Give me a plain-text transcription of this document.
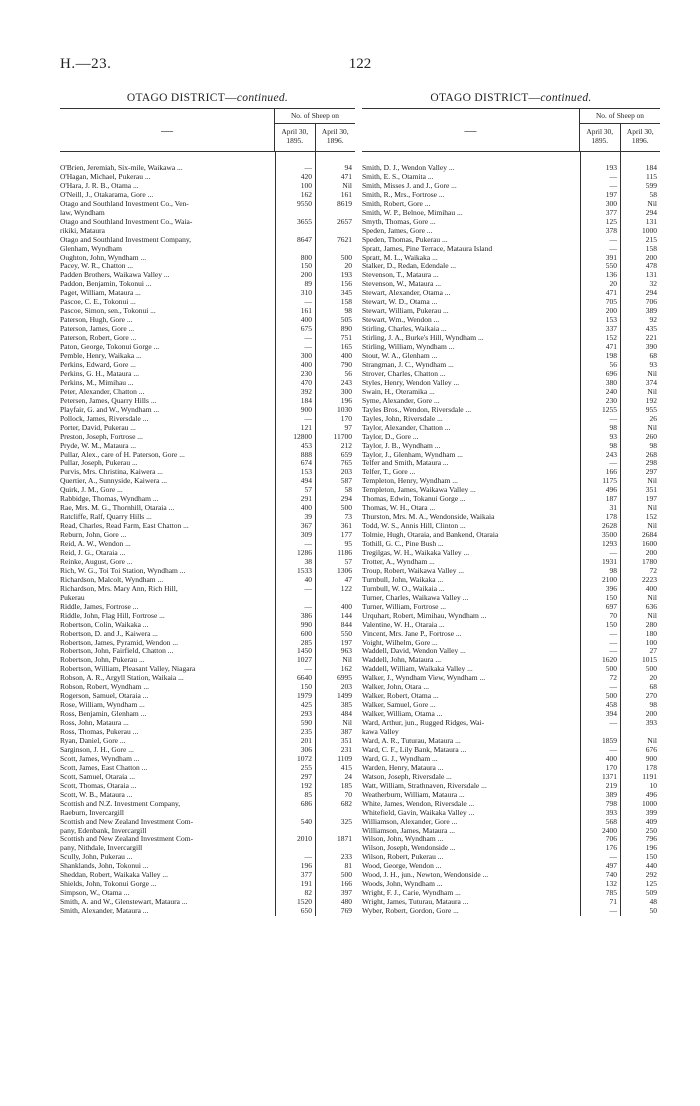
H.—23.	122
OTAGO DISTRICT—continued.
—
No. of Sheep on
April 30, 1895.
April 30, 1896.
O'Brien, Jeremiah, Six-mile, Waikawa ...	—	94
O'Hagan, Michael, Pukerau ...	420	471
O'Hara, J. R. B., Otama ...	100	Nil
O'Neill, J., Otakarama, Gore ...	162	161
Otago and Southland Investment Co., Ven-	9550	8619
law, Wyndham
Otago and Southland Investment Co., Waia-	3655	2657
rikiki, Mataura
Otago and Southland Investment Company,	8647	7621
Glenham, Wyndham
Oughton, John, Wyndham ...	800	500
Pacey, W. R., Chatton ...	150	20
Padden Brothers, Waikawa Valley ...	200	193
Paddon, Benjamin, Tokonui ...	89	156
Paget, William, Mataura ...	310	345
Pascoe, C. E., Tokonui ...	—	158
Pascoe, Simon, sen., Tokonui ...	161	98
Paterson, Hugh, Gore ...	400	505
Paterson, James, Gore ...	675	890
Paterson, Robert, Gore ...	—	751
Paton, George, Tokonui Gorge ...	—	165
Pemble, Henry, Waikaka ...	300	400
Perkins, Edward, Gore ...	400	790
Perkins, G. H., Mataura ...	230	56
Perkins, M., Mimihau ...	470	243
Peter, Alexander, Chatton ...	392	300
Petersen, James, Quarry Hills ...	184	196
Playfair, G. and W., Wyndham ...	900	1030
Pollock, James, Riversdale ...	—	170
Porter, David, Pukerau ...	121	97
Preston, Joseph, Fortrose ...	12800	11700
Pryde, W. M., Mataura ...	453	212
Pullar, Alex., care of H. Paterson, Gore ...	888	659
Pullar, Joseph, Pukerau ...	674	765
Purvis, Mrs. Christina, Kaiwera ...	153	203
Quertier, A., Sunnyside, Kaiwera ...	494	587
Quirk, J. M., Gore ...	57	58
Rabbidge, Thomas, Wyndham ...	291	294
Rae, Mrs. M. G., Thornhill, Otaraia ...	400	500
Ratcliffe, Ralf, Quarry Hills ...	39	73
Read, Charles, Read Farm, East Chatton ...	367	361
Reburn, John, Gore ...	309	177
Reid, A. W., Wendon ...	—	95
Reid, J. G., Otaraia ...	1286	1186
Reinke, August, Gore ...	38	57
Rich, W. G., Toi Toi Station, Wyndham ...	1533	1306
Richardson, Malcolt, Wyndham ...	40	47
Richardson, Mrs. Mary Ann, Rich Hill,	—	122
Pukerau
Riddle, James, Fortrose ...	—	400
Riddle, John, Flag Hill, Fortrose ...	386	144
Robertson, Colin, Waikaka ...	990	844
Robertson, D. and J., Kaiwera ...	600	550
Robertson, James, Pyramid, Wendon ...	285	197
Robertson, John, Fairfield, Chatton ...	1450	963
Robertson, John, Pukerau ...	1027	Nil
Robertson, William, Pleasant Valley, Niagara	—	162
Robson, A. R., Argyll Station, Waikaia ...	6640	6995
Robson, Robert, Wyndham ...	150	203
Rogerson, Samuel, Otaraia ...	1979	1499
Rose, William, Wyndham ...	425	385
Ross, Benjamin, Glenham ...	293	484
Ross, John, Mataura ...	590	Nil
Ross, Thomas, Pukerau ...	235	387
Ryan, Daniel, Gore ...	201	351
Sarginson, J. H., Gore ...	306	231
Scott, James, Wyndham ...	1072	1109
Scott, James, East Chatton ...	255	415
Scott, Samuel, Otaraia ...	297	24
Scott, Thomas, Otaraia ...	192	185
Scott, W. B., Mataura ...	85	70
Scottish and N.Z. Investment Company,	686	682
Raeburn, Invercargill
Scottish and New Zealand Investment Com-	540	325
pany, Edenbank, Invercargill
Scottish and New Zealand Investment Com-	2010	1871
pany, Nithdale, Invercargill
Scully, John, Pukerau ...	—	233
Shanklands, John, Tokonui ...	196	81
Sheddan, Robert, Waikaka Valley ...	377	500
Shields, John, Tokonui Gorge ...	191	166
Simpson, W., Otama ...	82	397
Smith, A. and W., Glenstewart, Mataura ...	1520	480
Smith, Alexander, Mataura ...	650	769
OTAGO DISTRICT—continued.
—
No. of Sheep on
April 30, 1895.
April 30, 1896.
Smith, D. J., Wendon Valley ...	193	184
Smith, E. S., Otamita ...	—	115
Smith, Misses J. and J., Gore ...	—	599
Smith, R., Mrs., Fortrose ...	197	58
Smith, Robert, Gore ...	300	Nil
Smith, W. P., Belnoe, Mimihau ...	377	294
Smyth, Thomas, Gore ...	125	131
Speden, James, Gore ...	378	1000
Speden, Thomas, Pukerau ...	—	215
Spratt, James, Pine Terrace, Mataura Island	—	158
Spratt, M. L., Waikaka ...	391	200
Stalker, D., Redan, Edendale ...	550	478
Stevenson, T., Mataura ...	136	131
Stevenson, W., Mataura ...	20	32
Stewart, Alexander, Otama ...	471	294
Stewart, W. D., Otama ...	705	706
Stewart, William, Pukerau ...	200	389
Stewart, Wm., Wendon ...	153	92
Stirling, Charles, Waikaia ...	337	435
Stirling, J. A., Burke's Hill, Wyndham ...	152	221
Stirling, William, Wyndham ...	471	390
Stout, W. A., Glenham ...	198	68
Strangman, J. C., Wyndham ...	56	93
Strover, Charles, Chatton ...	696	Nil
Styles, Henry, Wendon Valley ...	380	374
Swain, H., Oteramika ...	240	Nil
Syme, Alexander, Gore ...	230	192
Tayles Bros., Wendon, Riversdale ...	1255	955
Tayles, John, Riversdale ...	—	26
Taylor, Alexander, Chatton ...	98	Nil
Taylor, D., Gore ...	93	260
Taylor, J. B., Wyndham ...	98	98
Taylor, J., Glenham, Wyndham ...	243	268
Telfer and Smith, Mataura ...	—	298
Telfer, T., Gore ...	166	297
Templeton, Henry, Wyndham ...	1175	Nil
Templeton, James, Waikawa Valley ...	496	351
Thomas, Edwin, Tokanui Gorge ...	187	197
Thomas, W. H., Otara ...	31	Nil
Thurston, Mrs. M. A., Wendonside, Waikaia	178	152
Todd, W. S., Annis Hill, Clinton ...	2628	Nil
Tolmie, Hugh, Otaraia, and Bankend, Otaraia	3500	2684
Tothill, G. C., Pine Bush ...	1293	1600
Tregilgas, W. H., Waikaka Valley ...	—	200
Trotter, A., Wyndham ...	1931	1780
Troup, Robert, Waikawa Valley ...	98	72
Turnbull, John, Waikaka ...	2100	2223
Turnbull, W. O., Waikaia ...	396	400
Turner, Charles, Waikawa Valley ...	150	Nil
Turner, William, Fortrose ...	697	636
Urquhart, Robert, Mimihau, Wyndham ...	70	Nil
Valentine, W. H., Otaraia ...	150	280
Vincent, Mrs. Jane P., Fortrose ...	—	180
Voight, Wilhelm, Gore ...	—	100
Waddell, David, Wendon Valley ...	—	27
Waddell, John, Mataura ...	1620	1015
Waddell, William, Waikaka Valley ...	500	500
Walker, J., Wyndham View, Wyndham ...	72	20
Walker, John, Otara ...	—	68
Walker, Robert, Otama ...	500	270
Walker, Samuel, Gore ...	458	98
Walker, William, Otama ...	394	200
Ward, Arthur, jun., Rugged Ridges, Wai-	—	393
kawa Valley
Ward, A. R., Tuturau, Mataura ...	1859	Nil
Ward, C. F., Lily Bank, Mataura ...	—	676
Ward, G. J., Wyndham ...	400	900
Warden, Henry, Mataura ...	170	178
Watson, Joseph, Riversdale ...	1371	1191
Watt, William, Strathnaven, Riversdale ...	219	10
Weatherburn, William, Mataura ...	389	496
White, James, Wendon, Riversdale ...	798	1000
Whitefield, Gavin, Waikaka Valley ...	393	399
Williamson, Alexander, Gore ...	568	409
Williamson, James, Mataura ...	2400	250
Wilson, John, Wyndham ...	706	796
Wilson, Joseph, Wendonside ...	176	196
Wilson, Robert, Pukerau ...	—	150
Wood, George, Wendon ...	497	440
Wood, J. H., jun., Newton, Wendonside ...	740	292
Woods, John, Wyndham ...	132	125
Wright, F. J., Carie, Wyndham ...	785	509
Wright, James, Tuturau, Mataura ...	71	48
Wyber, Robert, Gordon, Gore ...	—	50
